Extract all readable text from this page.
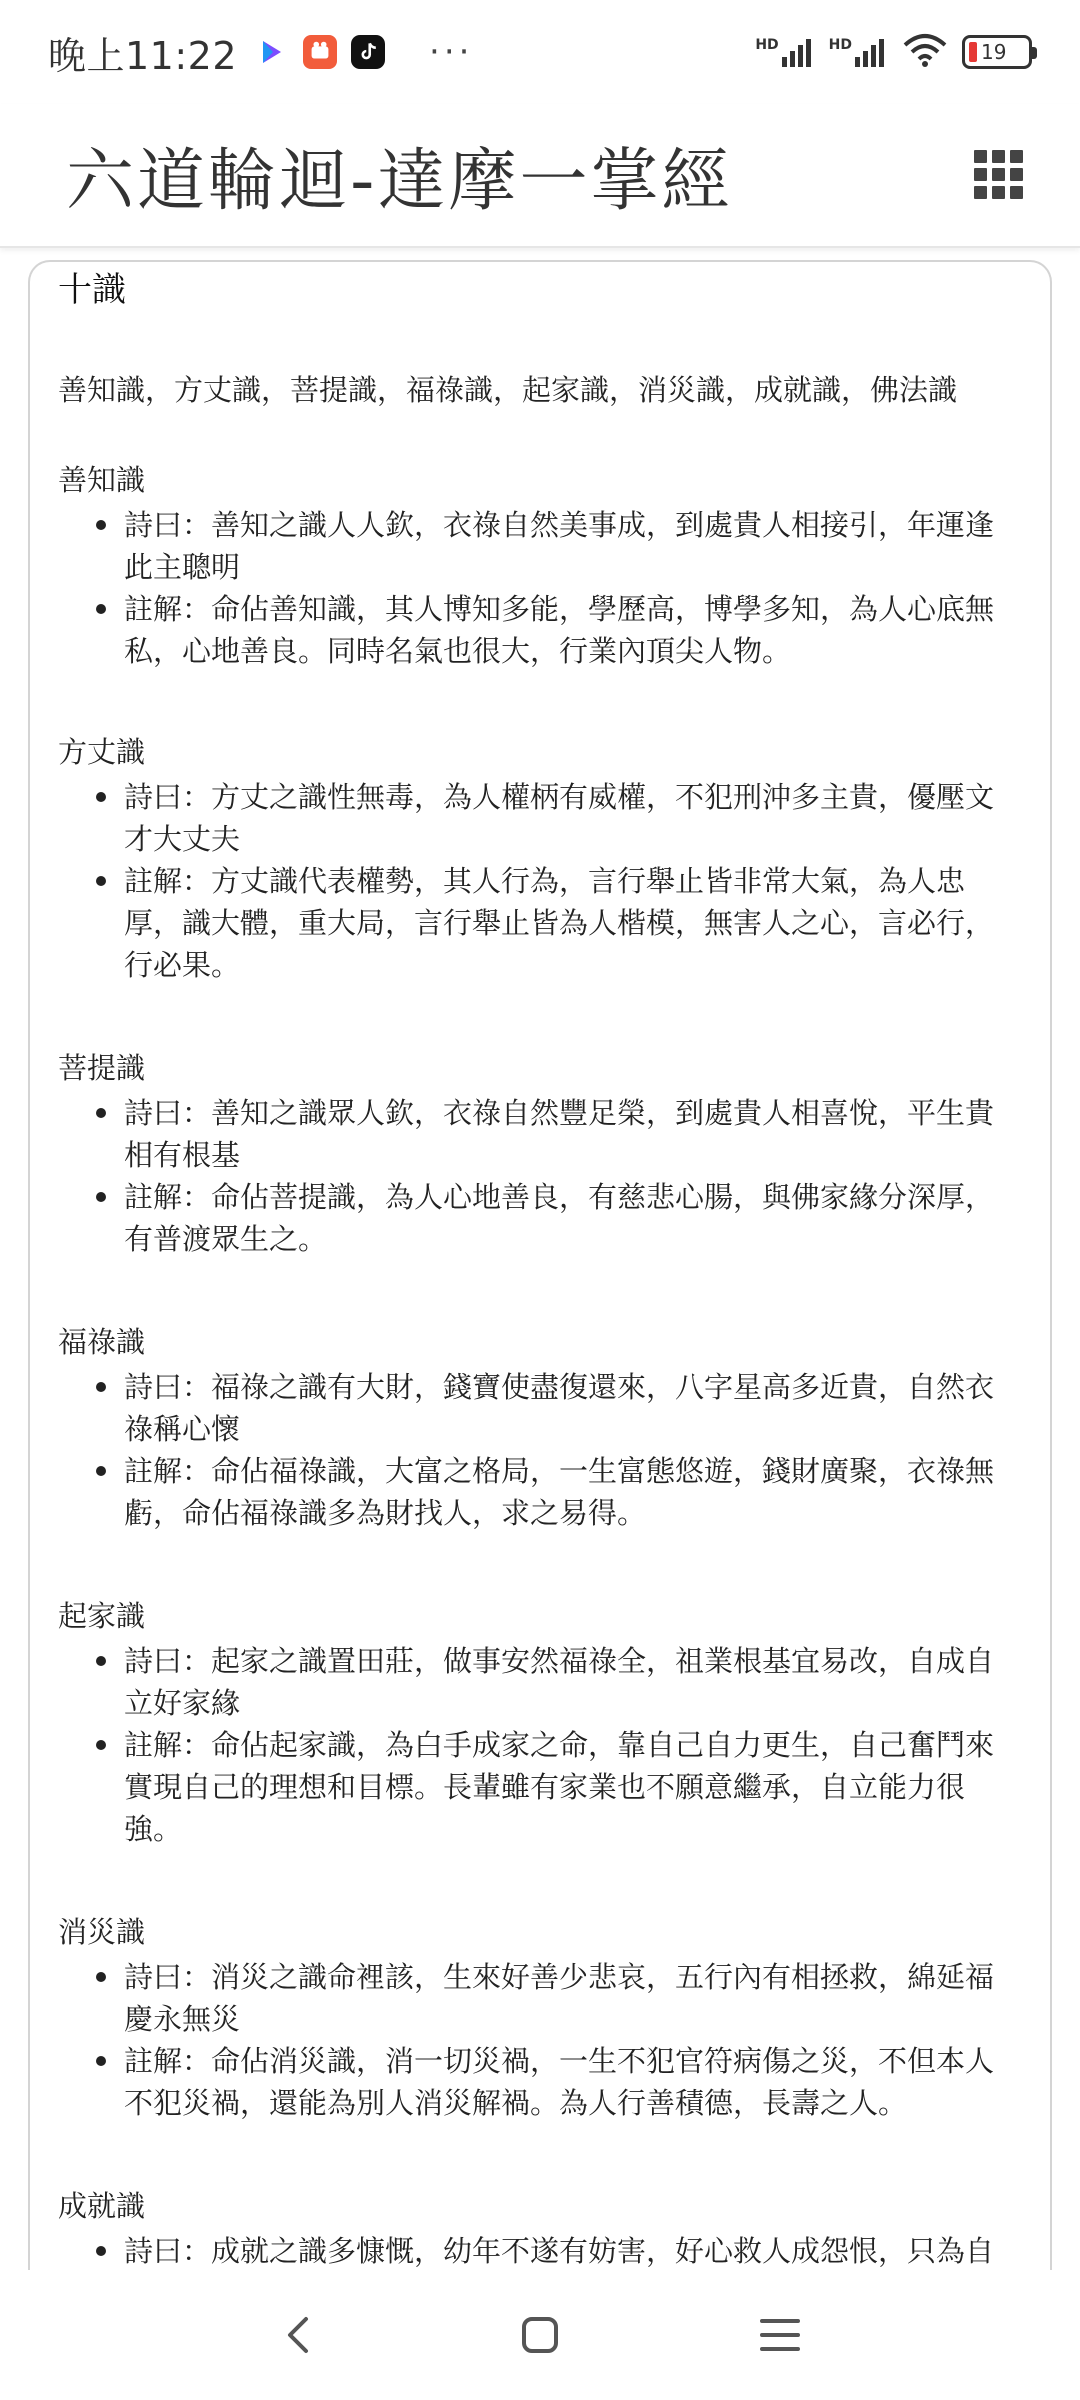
晚上11:22	···	HD	HD	19
六道輪迴-達摩一掌經
十識
善知識，方丈識，菩提識，福祿識，起家識，消災識，成就識，佛法識
善知識
詩曰：善知之識人人欽，衣祿自然美事成，到處貴人相接引，年運逢此主聰明
註解：命佔善知識，其人博知多能，學歷高，博學多知，為人心底無私，心地善良。同時名氣也很大，行業內頂尖人物。
方丈識
詩曰：方丈之識性無毒，為人權柄有威權，不犯刑沖多主貴，優壓文才大丈夫
註解：方丈識代表權勢，其人行為，言行舉止皆非常大氣，為人忠厚，識大體，重大局，言行舉止皆為人楷模，無害人之心，言必行，行必果。
菩提識
詩曰：善知之識眾人欽，衣祿自然豐足榮，到處貴人相喜悅，平生貴相有根基
註解：命佔菩提識，為人心地善良，有慈悲心腸，與佛家緣分深厚，有普渡眾生之。
福祿識
詩曰：福祿之識有大財，錢寶使盡復還來，八字星高多近貴，自然衣祿稱心懷
註解：命佔福祿識，大富之格局，一生富態悠遊，錢財廣聚，衣祿無虧，命佔福祿識多為財找人，求之易得。
起家識
詩曰：起家之識置田莊，做事安然福祿全，祖業根基宜易改，自成自立好家緣
註解：命佔起家識，為白手成家之命，靠自己自力更生，自己奮鬥來實現自己的理想和目標。長輩雖有家業也不願意繼承，自立能力很強。
消災識
詩曰：消災之識命裡該，生來好善少悲哀，五行內有相拯救，綿延福慶永無災
註解：命佔消災識，消一切災禍，一生不犯官符病傷之災，不但本人不犯災禍，還能為別人消災解禍。為人行善積德，長壽之人。
成就識
詩曰：成就之識多慷慨，幼年不遂有妨害，好心救人成怨恨，只為自
